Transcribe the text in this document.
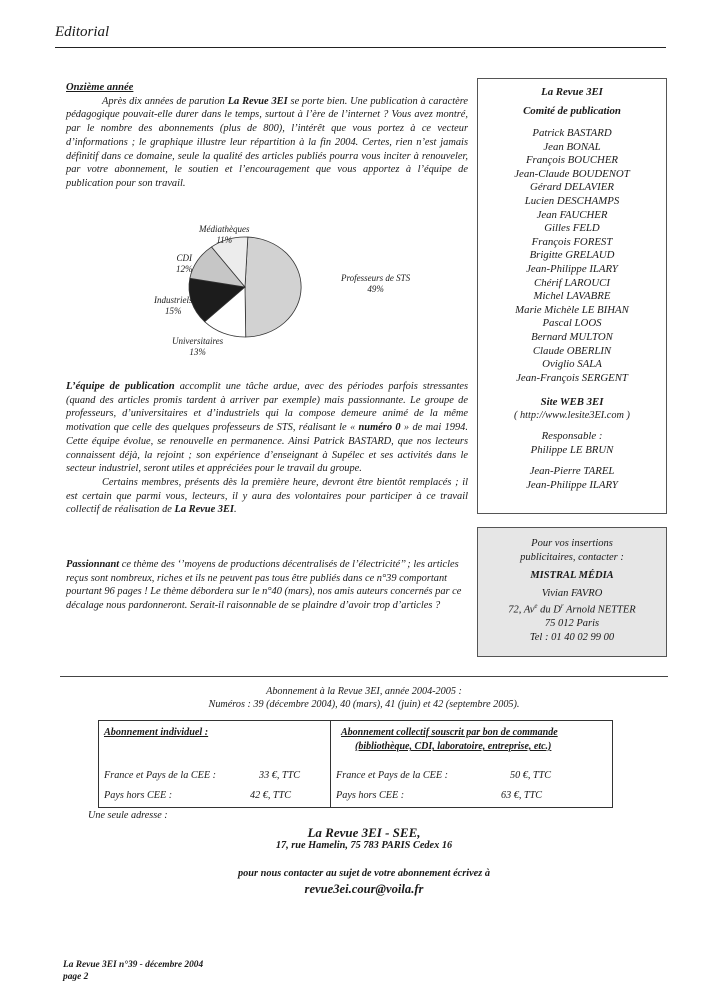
Editorial
Onzième année

Après dix années de parution La Revue 3EI se porte bien. Une publication à caractère pédagogique pouvait-elle durer dans le temps, surtout à l’ère de l’internet ? Vous avez montré, par le nombre des abonnements (plus de 800), l’intérêt que vous portez à ce vecteur d’informations ; le graphique illustre leur répartition à la fin 2004. Certes, rien n’est jamais définitif dans ce domaine, seule la qualité des articles publiés pourra vous inciter à renouveler, par votre abonnement, le soutien et l’encouragement que vous apportez à l’équipe de publication pour son travail.

Professeurs de STS
49%
Universitaires
13%
Industriels
15%
CDI
12%
Médiathèques
11%

L’équipe de publication accomplit une tâche ardue, avec des périodes parfois stressantes (quand des articles promis tardent à arriver par exemple) mais passionnante. Le groupe de professeurs, d’universitaires et d’industriels qui la compose demeure animé de la même motivation que celle des quelques professeurs de STS, réalisant le « numéro 0 » de mai 1994. Cette équipe évolue, se renouvelle en permanence. Ainsi Patrick BASTARD, que nos lecteurs connaissent déjà, la rejoint ; son expérience d’enseignant à Supélec et ses activités dans le secteur industriel, seront utiles et appréciées pour le travail du groupe.

Certains membres, présents dès la première heure, devront être bientôt remplacés ; il est certain que parmi vous, lecteurs, il y aura des volontaires pour participer à ce travail collectif de réalisation de La Revue 3EI.

Passionnant ce thème des ‘’moyens de productions décentralisés de l’électricité’’ ; les articles reçus sont nombreux, riches et ils ne peuvent pas tous être publiés dans ce n°39 comportant pourtant 96 pages ! Le thème débordera sur le n°40 (mars), nos amis auteurs concernés par ce décalage nous pardonneront. Serait-il raisonnable de se plaindre d’avoir trop d’articles ?

La Revue 3EI
Comité de publication
Patrick BASTARD
Jean BONAL
François BOUCHER
Jean-Claude BOUDENOT
Gérard DELAVIER
Lucien DESCHAMPS
Jean FAUCHER
Gilles FELD
François FOREST
Brigitte GRELAUD
Jean-Philippe ILARY
Chérif LAROUCI
Michel LAVABRE
Marie Michèle LE BIHAN
Pascal LOOS
Bernard MULTON
Claude OBERLIN
Oviglio SALA
Jean-François SERGENT
Site WEB 3EI
( http://www.lesite3EI.com )
Responsable :
Philippe LE BRUN
Jean-Pierre TAREL
Jean-Philippe ILARY
Pour vos insertions
publicitaires, contacter :
MISTRAL MÉDIA
Vivian FAVRO
72, Av$^e$ du $D^r$ Arnold NETTER
75 012 Paris
Tel : 01 40 02 99 00
Abonnement à la Revue 3EI, année 2004-2005 :
Numéros : 39 (décembre 2004), 40 (mars), 41 (juin) et 42 (septembre 2005).
Abonnement individuel :
France et Pays de la CEE :	33 €, TTC
Pays hors CEE :	42 €, TTC
Abonnement collectif souscrit par bon de commande
(bibliothèque, CDI, laboratoire, entreprise, etc.)
France et Pays de la CEE :	50 €, TTC
Pays hors CEE :	63 €, TTC
Une seule adresse :
La Revue 3EI - SEE,
17, rue Hamelin, 75 783 PARIS Cedex 16
pour nous contacter au sujet de votre abonnement écrivez à
revue3ei.cour@voila.fr
La Revue 3EI n°39 - décembre 2004
page 2
